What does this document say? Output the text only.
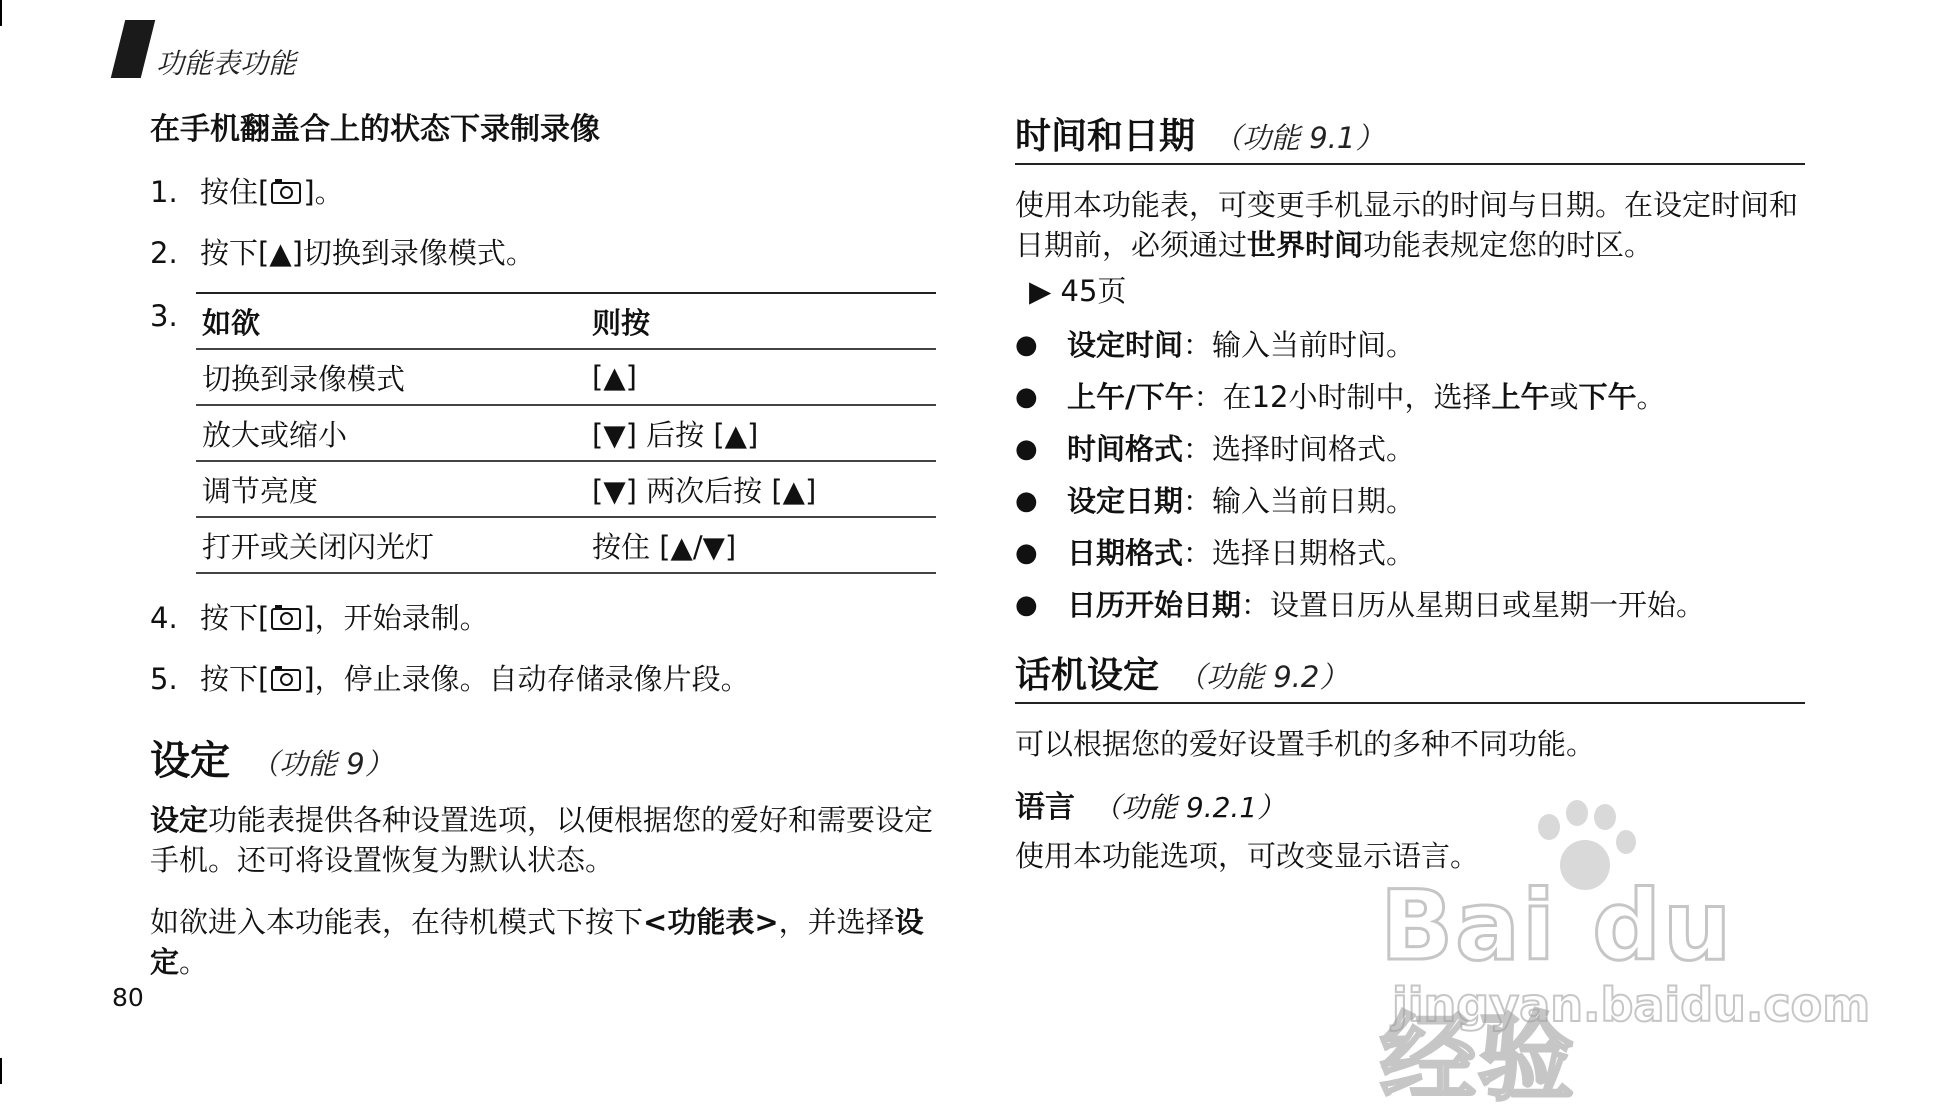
功能表功能
在手机翻盖合上的状态下录制录像
1. 按住[ ]。
2. 按下[▲]切换到录像模式。
3. 如欲	则按
切换到录像模式	[▲]
放大或缩小	[▼] 后按 [▲]
调节亮度	[▼] 两次后按 [▲]
打开或关闭闪光灯	按住 [▲/▼]
4. 按下[ ]，开始录制。
5. 按下[ ]，停止录像。自动存储录像片段。
设定 （功能 9）
设定功能表提供各种设置选项，以便根据您的爱好和需要设定手机。还可将设置恢复为默认状态。
如欲进入本功能表，在待机模式下按下<功能表>，并选择设定。
80
时间和日期 （功能 9.1）
使用本功能表，可变更手机显示的时间与日期。在设定时间和日期前，必须通过世界时间功能表规定您的时区。
▶ 45页
●	设定时间：输入当前时间。
●	上午/下午：在12小时制中，选择上午或下午。
●	时间格式：选择时间格式。
●	设定日期：输入当前日期。
●	日期格式：选择日期格式。
●	日历开始日期：设置日历从星期日或星期一开始。
话机设定 （功能 9.2）
可以根据您的爱好设置手机的多种不同功能。
语言 （功能 9.2.1）
使用本功能选项，可改变显示语言。
Bai du 经验
jingyan.baidu.com
